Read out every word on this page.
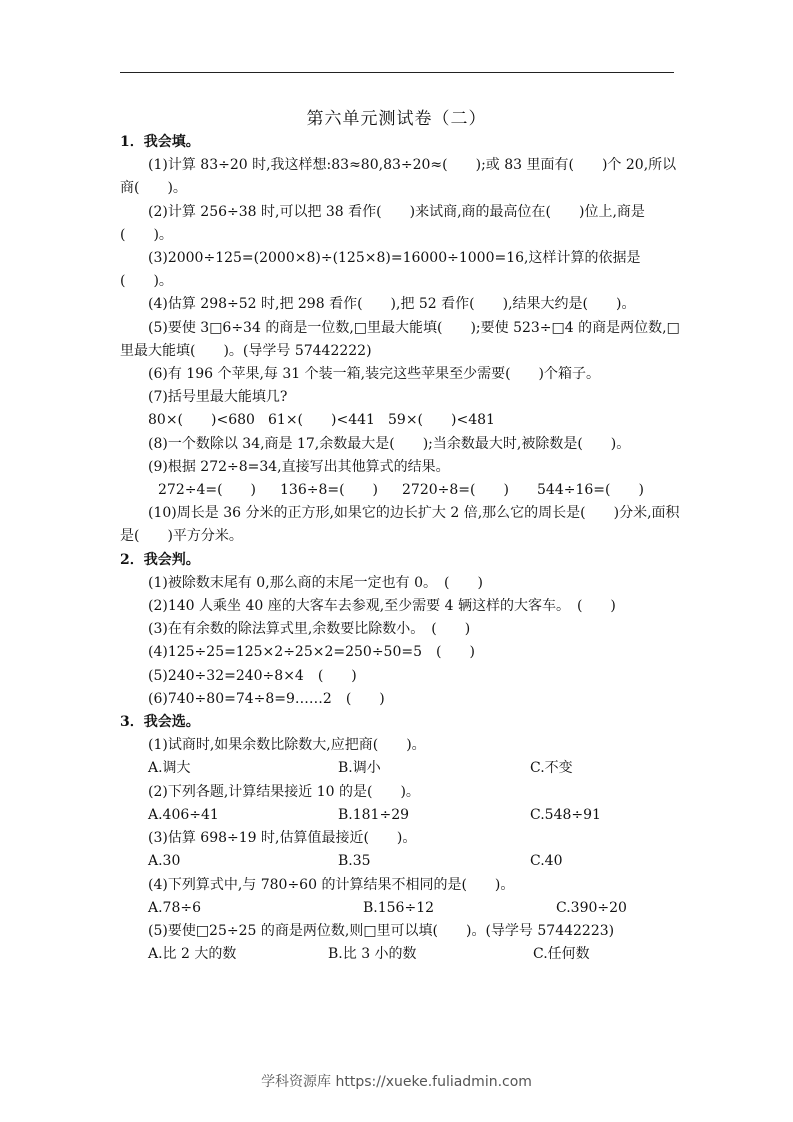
第六单元测试卷（二）
1．我会填。
(1)计算 83÷20 时,我这样想:83≈80,83÷20≈(　　);或 83 里面有(　　)个 20,所以商(　　)。
(2)计算 256÷38 时,可以把 38 看作(　　)来试商,商的最高位在(　　)位上,商是(　　)。
(3)2000÷125=(2000×8)÷(125×8)=16000÷1000=16,这样计算的依据是(　　)。
(4)估算 298÷52 时,把 298 看作(　　),把 52 看作(　　),结果大约是(　　)。
(5)要使 3□6÷34 的商是一位数,□里最大能填(　　);要使 523÷□4 的商是两位数,□里最大能填(　　)。(导学号 57442222)
(6)有 196 个苹果,每 31 个装一箱,装完这些苹果至少需要(　　)个箱子。
(7)括号里最大能填几?
80×(　　)<680 61×(　　)<441 59×(　　)<481
(8)一个数除以 34,商是 17,余数最大是(　　);当余数最大时,被除数是(　　)。
(9)根据 272÷8=34,直接写出其他算式的结果。
272÷4=(　　)	136÷8=(　　)	2720÷8=(　　)	544÷16=(　　)
(10)周长是 36 分米的正方形,如果它的边长扩大 2 倍,那么它的周长是(　　)分米,面积是(　　)平方分米。
2．我会判。
(1)被除数末尾有 0,那么商的末尾一定也有 0。　(　　)
(2)140 人乘坐 40 座的大客车去参观,至少需要 4 辆这样的大客车。　(　　)
(3)在有余数的除法算式里,余数要比除数小。　(　　)
(4)125÷25=125×2÷25×2=250÷50=5　(　　)
(5)240÷32=240÷8×4　(　　)
(6)740÷80=74÷8=9……2　(　　)
3．我会选。
(1)试商时,如果余数比除数大,应把商(　　)。
A.调大	B.调小	C.不变
(2)下列各题,计算结果接近 10 的是(　　)。
A.406÷41	B.181÷29	C.548÷91
(3)估算 698÷19 时,估算值最接近(　　)。
A.30	B.35	C.40
(4)下列算式中,与 780÷60 的计算结果不相同的是(　　)。
A.78÷6	B.156÷12	C.390÷20
(5)要使□25÷25 的商是两位数,则□里可以填(　　)。(导学号 57442223)
A.比 2 大的数	B.比 3 小的数	C.任何数
学科资源库 https://xueke.fuliadmin.com
